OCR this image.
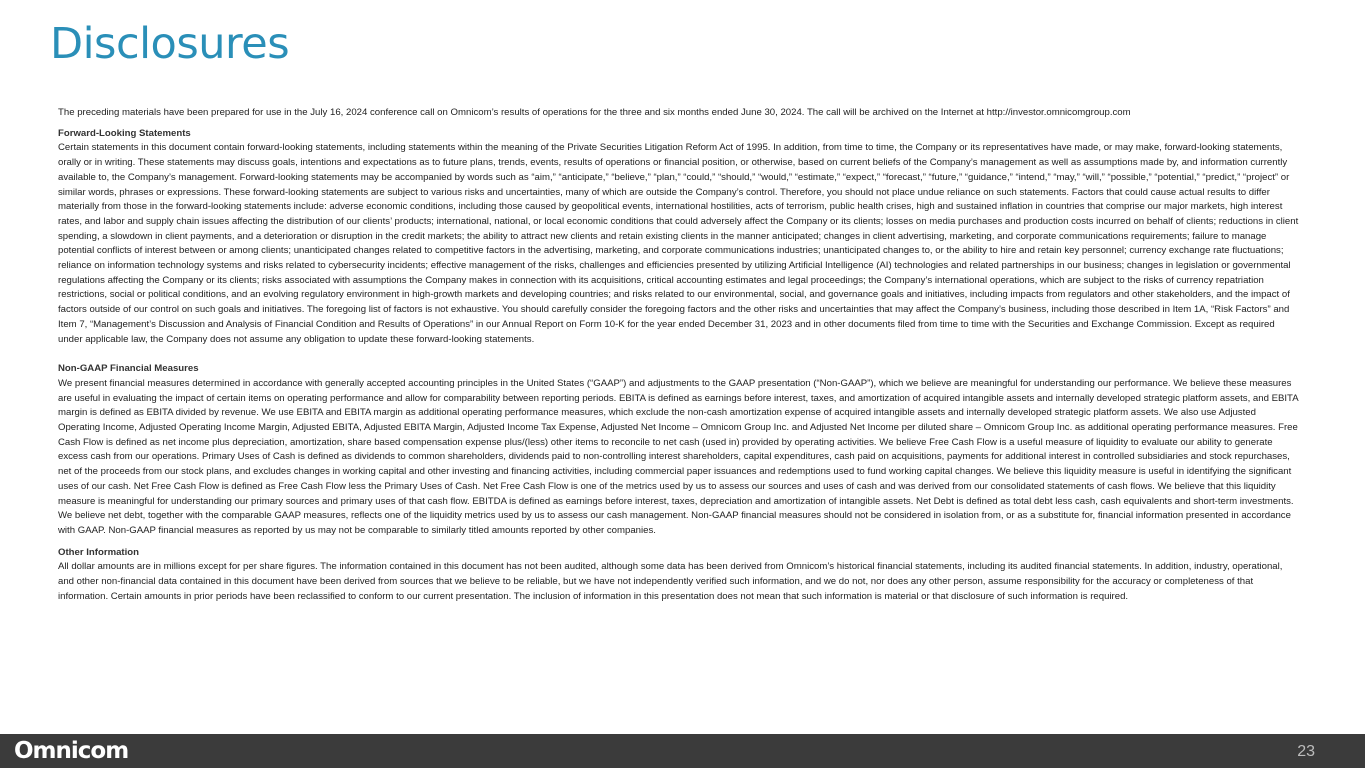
Disclosures

The preceding materials have been prepared for use in the July 16, 2024 conference call on Omnicom’s results of operations for the three and six months ended June 30, 2024. The call will be archived on the Internet at http://investor.omnicomgroup.com

Forward-Looking Statements

Certain statements in this document contain forward-looking statements, including statements within the meaning of the Private Securities Litigation Reform Act of 1995. In addition, from time to time, the Company or its representatives have made, or may make, forward-looking statements, orally or in writing. These statements may discuss goals, intentions and expectations as to future plans, trends, events, results of operations or financial position, or otherwise, based on current beliefs of the Company’s management as well as assumptions made by, and information currently available to, the Company’s management. Forward-looking statements may be accompanied by words such as “aim,” “anticipate,” “believe,” “plan,” “could,” “should,” “would,” “estimate,” “expect,” “forecast,” “future,” “guidance,” “intend,” “may,” “will,” “possible,” “potential,” “predict,” “project” or similar words, phrases or expressions. These forward-looking statements are subject to various risks and uncertainties, many of which are outside the Company’s control. Therefore, you should not place undue reliance on such statements. Factors that could cause actual results to differ materially from those in the forward-looking statements include: adverse economic conditions, including those caused by geopolitical events, international hostilities, acts of terrorism, public health crises, high and sustained inflation in countries that comprise our major markets, high interest rates, and labor and supply chain issues affecting the distribution of our clients’ products; international, national, or local economic conditions that could adversely affect the Company or its clients; losses on media purchases and production costs incurred on behalf of clients; reductions in client spending, a slowdown in client payments, and a deterioration or disruption in the credit markets; the ability to attract new clients and retain existing clients in the manner anticipated; changes in client advertising, marketing, and corporate communications requirements; failure to manage potential conflicts of interest between or among clients; unanticipated changes related to competitive factors in the advertising, marketing, and corporate communications industries; unanticipated changes to, or the ability to hire and retain key personnel; currency exchange rate fluctuations; reliance on information technology systems and risks related to cybersecurity incidents; effective management of the risks, challenges and efficiencies presented by utilizing Artificial Intelligence (AI) technologies and related partnerships in our business; changes in legislation or governmental regulations affecting the Company or its clients; risks associated with assumptions the Company makes in connection with its acquisitions, critical accounting estimates and legal proceedings; the Company’s international operations, which are subject to the risks of currency repatriation restrictions, social or political conditions, and an evolving regulatory environment in high-growth markets and developing countries; and risks related to our environmental, social, and governance goals and initiatives, including impacts from regulators and other stakeholders, and the impact of factors outside of our control on such goals and initiatives. The foregoing list of factors is not exhaustive. You should carefully consider the foregoing factors and the other risks and uncertainties that may affect the Company’s business, including those described in Item 1A, “Risk Factors” and Item 7, “Management’s Discussion and Analysis of Financial Condition and Results of Operations” in our Annual Report on Form 10-K for the year ended December 31, 2023 and in other documents filed from time to time with the Securities and Exchange Commission. Except as required under applicable law, the Company does not assume any obligation to update these forward-looking statements.

Non-GAAP Financial Measures

We present financial measures determined in accordance with generally accepted accounting principles in the United States (“GAAP”) and adjustments to the GAAP presentation (“Non-GAAP”), which we believe are meaningful for understanding our performance. We believe these measures are useful in evaluating the impact of certain items on operating performance and allow for comparability between reporting periods. EBITA is defined as earnings before interest, taxes, and amortization of acquired intangible assets and internally developed strategic platform assets, and EBITA margin is defined as EBITA divided by revenue. We use EBITA and EBITA margin as additional operating performance measures, which exclude the non-cash amortization expense of acquired intangible assets and internally developed strategic platform assets. We also use Adjusted Operating Income, Adjusted Operating Income Margin, Adjusted EBITA, Adjusted EBITA Margin, Adjusted Income Tax Expense, Adjusted Net Income – Omnicom Group Inc. and Adjusted Net Income per diluted share – Omnicom Group Inc. as additional operating performance measures. Free Cash Flow is defined as net income plus depreciation, amortization, share based compensation expense plus/(less) other items to reconcile to net cash (used in) provided by operating activities. We believe Free Cash Flow is a useful measure of liquidity to evaluate our ability to generate excess cash from our operations. Primary Uses of Cash is defined as dividends to common shareholders, dividends paid to non-controlling interest shareholders, capital expenditures, cash paid on acquisitions, payments for additional interest in controlled subsidiaries and stock repurchases, net of the proceeds from our stock plans, and excludes changes in working capital and other investing and financing activities, including commercial paper issuances and redemptions used to fund working capital changes. We believe this liquidity measure is useful in identifying the significant uses of our cash. Net Free Cash Flow is defined as Free Cash Flow less the Primary Uses of Cash. Net Free Cash Flow is one of the metrics used by us to assess our sources and uses of cash and was derived from our consolidated statements of cash flows. We believe that this liquidity measure is meaningful for understanding our primary sources and primary uses of that cash flow. EBITDA is defined as earnings before interest, taxes, depreciation and amortization of intangible assets. Net Debt is defined as total debt less cash, cash equivalents and short-term investments. We believe net debt, together with the comparable GAAP measures, reflects one of the liquidity metrics used by us to assess our cash management. Non-GAAP financial measures should not be considered in isolation from, or as a substitute for, financial information presented in accordance with GAAP. Non-GAAP financial measures as reported by us may not be comparable to similarly titled amounts reported by other companies.

Other Information

All dollar amounts are in millions except for per share figures. The information contained in this document has not been audited, although some data has been derived from Omnicom’s historical financial statements, including its audited financial statements. In addition, industry, operational, and other non-financial data contained in this document have been derived from sources that we believe to be reliable, but we have not independently verified such information, and we do not, nor does any other person, assume responsibility for the accuracy or completeness of that information. Certain amounts in prior periods have been reclassified to conform to our current presentation. The inclusion of information in this presentation does not mean that such information is material or that disclosure of such information is required.

Omnicom	23
